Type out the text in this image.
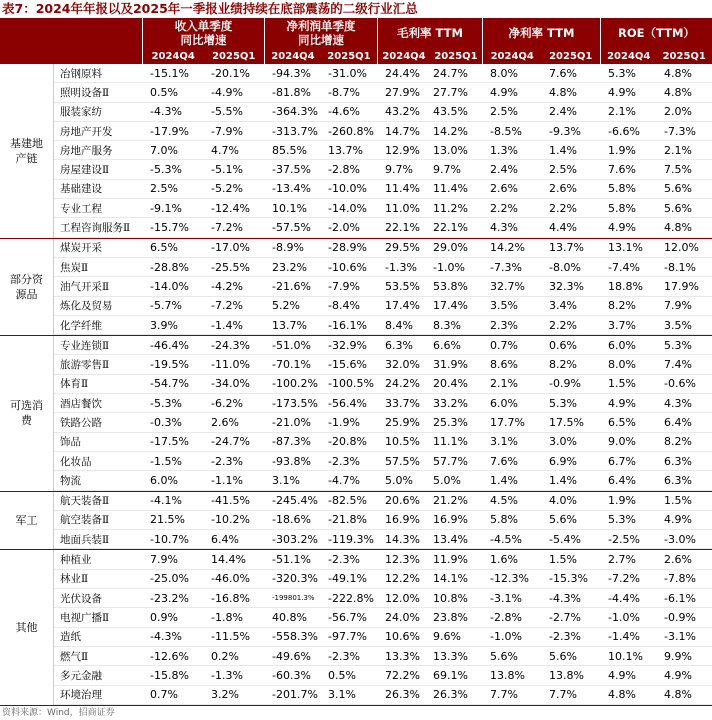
表7：2024年年报以及2025年一季报业绩持续在底部震荡的二级行业汇总
收入单季度
同比增速
2024Q4	2025Q1
净利润单季度
同比增速
2024Q4	2025Q1
毛利率 TTM
2024Q4 2025Q1
净利率 TTM
2024Q4	2025Q1
ROE（TTM）
2024Q4	2025Q1
基建地
产链
冶钢原料	-15.1%	-20.1%	-94.3%	-31.0%	24.4%	24.7%	8.0%	7.6%	5.3%	4.8%
照明设备Ⅱ	0.5%	-4.9%	-81.8%	-8.7%	27.9%	27.7%	4.9%	4.8%	4.9%	4.8%
服装家纺	-4.3%	-5.5%	-364.3% -4.6%	43.2%	43.5%	2.5%	2.4%	2.1%	2.0%
房地产开发	-17.9%	-7.9%	-313.7% -260.8%	14.7%	14.2%	-8.5%	-9.3%	-6.6%	-7.3%
房地产服务	7.0%	4.7%	85.5%	13.7%	12.9%	13.0%	1.3%	1.4%	1.9%	2.1%
房屋建设Ⅱ	-5.3%	-5.1%	-37.5%	-2.8%	9.7%	9.7%	2.4%	2.5%	7.6%	7.5%
基础建设	2.5%	-5.2%	-13.4%	-10.0%	11.4%	11.4%	2.6%	2.6%	5.8%	5.6%
专业工程	-9.1%	-12.4%	10.1%	-14.0%	11.0%	11.2%	2.2%	2.2%	5.8%	5.6%
工程咨询服务Ⅱ	-15.7%	-7.2%	-57.5%	-2.0%	22.1%	22.1%	4.3%	4.4%	4.9%	4.8%
部分资
源品
煤炭开采	6.5%	-17.0%	-8.9%	-28.9%	29.5%	29.0%	14.2%	13.7%	13.1%	12.0%
焦炭Ⅱ	-28.8%	-25.5%	23.2%	-10.6%	-1.3%	-1.0%	-7.3%	-8.0%	-7.4%	-8.1%
油气开采Ⅱ	-14.0%	-4.2%	-21.6%	-7.9%	53.5%	53.8%	32.7%	32.3%	18.8%	17.9%
炼化及贸易	-5.7%	-7.2%	5.2%	-8.4%	17.4%	17.4%	3.5%	3.4%	8.2%	7.9%
化学纤维	3.9%	-1.4%	13.7%	-16.1%	8.4%	8.3%	2.3%	2.2%	3.7%	3.5%
可选消
费
专业连锁Ⅱ	-46.4%	-24.3%	-51.0%	-32.9%	6.3%	6.6%	0.7%	0.6%	6.0%	5.3%
旅游零售Ⅱ	-19.5%	-11.0%	-70.1%	-15.6%	32.0%	31.9%	8.6%	8.2%	8.0%	7.4%
体育Ⅱ	-54.7%	-34.0%	-100.2% -100.5%	24.2%	20.4%	2.1%	-0.9%	1.5%	-0.6%
酒店餐饮	-5.3%	-6.2%	-173.5% -56.4%	33.7%	33.2%	6.0%	5.3%	4.9%	4.3%
铁路公路	-0.3%	2.6%	-21.0%	-1.9%	25.9%	25.3%	17.7%	17.5%	6.5%	6.4%
饰品	-17.5%	-24.7%	-87.3%	-20.8%	10.5%	11.1%	3.1%	3.0%	9.0%	8.2%
化妆品	-1.5%	-2.3%	-93.8%	-2.3%	57.5%	57.7%	7.6%	6.9%	6.7%	6.3%
物流	6.0%	-1.1%	3.1%	-4.7%	5.0%	5.0%	1.4%	1.4%	6.4%	6.3%
军工
航天装备Ⅱ	-4.1%	-41.5%	-245.4% -82.5%	20.6%	21.2%	4.5%	4.0%	1.9%	1.5%
航空装备Ⅱ	21.5%	-10.2%	-18.6%	-21.8%	16.9%	16.9%	5.8%	5.6%	5.3%	4.9%
地面兵装Ⅱ	-10.7%	6.4%	-303.2% -119.3%	14.3%	13.4%	-4.5%	-5.4%	-2.5%	-3.0%
其他
种植业	7.9%	14.4%	-51.1%	-2.3%	12.3%	11.9%	1.6%	1.5%	2.7%	2.6%
林业Ⅱ	-25.0%	-46.0%	-320.3% -49.1%	12.2%	14.1%	-12.3%	-15.3%	-7.2%	-7.8%
光伏设备	-23.2%	-16.8%	-199801.3%	-222.8%	12.0%	10.8%	-3.1%	-4.3%	-4.4%	-6.1%
电视广播Ⅱ	0.9%	-1.8%	40.8%	-56.7%	24.0%	23.8%	-2.8%	-2.7%	-1.0%	-0.9%
造纸	-4.3%	-11.5%	-558.3% -97.7%	10.6%	9.6%	-1.0%	-2.3%	-1.4%	-3.1%
燃气Ⅱ	-12.6%	0.2%	-49.6%	-2.3%	13.3%	13.3%	5.6%	5.6%	10.1%	9.9%
多元金融	-15.8%	-1.3%	-60.3%	0.5%	72.2%	69.1%	13.8%	13.8%	4.9%	4.9%
环境治理	0.7%	3.2%	-201.7% 3.1%	26.3%	26.3%	7.7%	7.7%	4.8%	4.8%
资料来源：Wind，招商证券
